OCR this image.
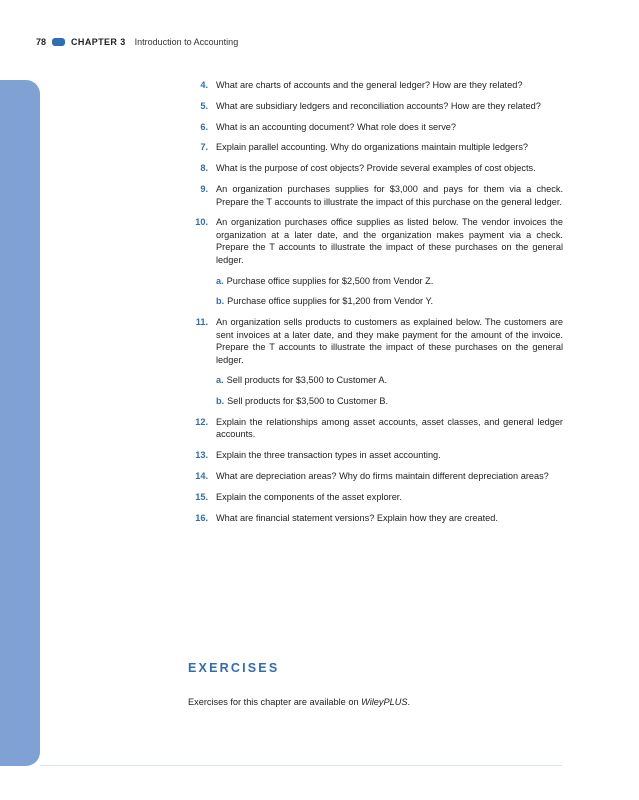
78	CHAPTER 3 Introduction to Accounting
4. What are charts of accounts and the general ledger? How are they related?
5. What are subsidiary ledgers and reconciliation accounts? How are they related?
6. What is an accounting document? What role does it serve?
7. Explain parallel accounting. Why do organizations maintain multiple ledgers?
8. What is the purpose of cost objects? Provide several examples of cost objects.
9. An organization purchases supplies for $3,000 and pays for them via a check. Prepare the T accounts to illustrate the impact of this purchase on the general ledger.
10. An organization purchases office supplies as listed below. The vendor invoices the organization at a later date, and the organization makes payment via a check. Prepare the T accounts to illustrate the impact of these purchases on the general ledger.
a. Purchase office supplies for $2,500 from Vendor Z.
b. Purchase office supplies for $1,200 from Vendor Y.
11. An organization sells products to customers as explained below. The customers are sent invoices at a later date, and they make payment for the amount of the invoice. Prepare the T accounts to illustrate the impact of these purchases on the general ledger.
a. Sell products for $3,500 to Customer A.
b. Sell products for $3,500 to Customer B.
12. Explain the relationships among asset accounts, asset classes, and general ledger accounts.
13. Explain the three transaction types in asset accounting.
14. What are depreciation areas? Why do firms maintain different depreciation areas?
15. Explain the components of the asset explorer.
16. What are financial statement versions? Explain how they are created.
EXERCISES

Exercises for this chapter are available on WileyPLUS.
